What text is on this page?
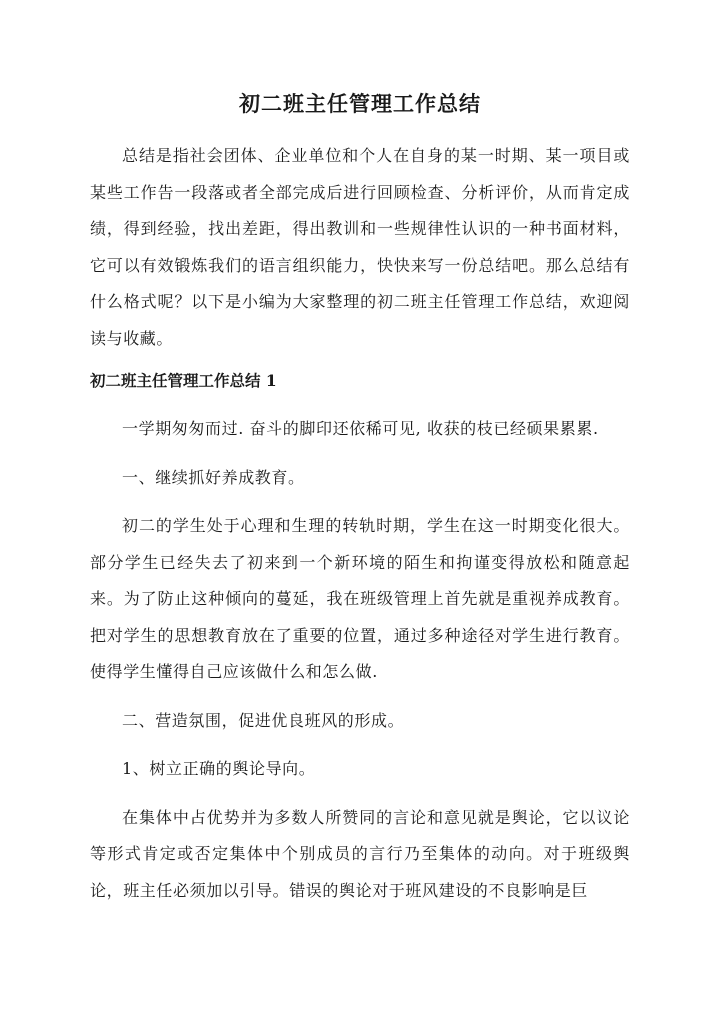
初二班主任管理工作总结

总结是指社会团体、企业单位和个人在自身的某一时期、某一项目或某些工作告一段落或者全部完成后进行回顾检查、分析评价，从而肯定成绩，得到经验，找出差距，得出教训和一些规律性认识的一种书面材料，它可以有效锻炼我们的语言组织能力，快快来写一份总结吧。那么总结有什么格式呢？以下是小编为大家整理的初二班主任管理工作总结，欢迎阅读与收藏。

初二班主任管理工作总结 1

一学期匆匆而过. 奋斗的脚印还依稀可见, 收获的枝已经硕果累累.

一、继续抓好养成教育。

初二的学生处于心理和生理的转轨时期，学生在这一时期变化很大。部分学生已经失去了初来到一个新环境的陌生和拘谨变得放松和随意起来。为了防止这种倾向的蔓延，我在班级管理上首先就是重视养成教育。把对学生的思想教育放在了重要的位置，通过多种途径对学生进行教育。使得学生懂得自己应该做什么和怎么做.

二、营造氛围，促进优良班风的形成。

1、树立正确的舆论导向。

在集体中占优势并为多数人所赞同的言论和意见就是舆论，它以议论等形式肯定或否定集体中个别成员的言行乃至集体的动向。对于班级舆论，班主任必须加以引导。错误的舆论对于班风建设的不良影响是巨
